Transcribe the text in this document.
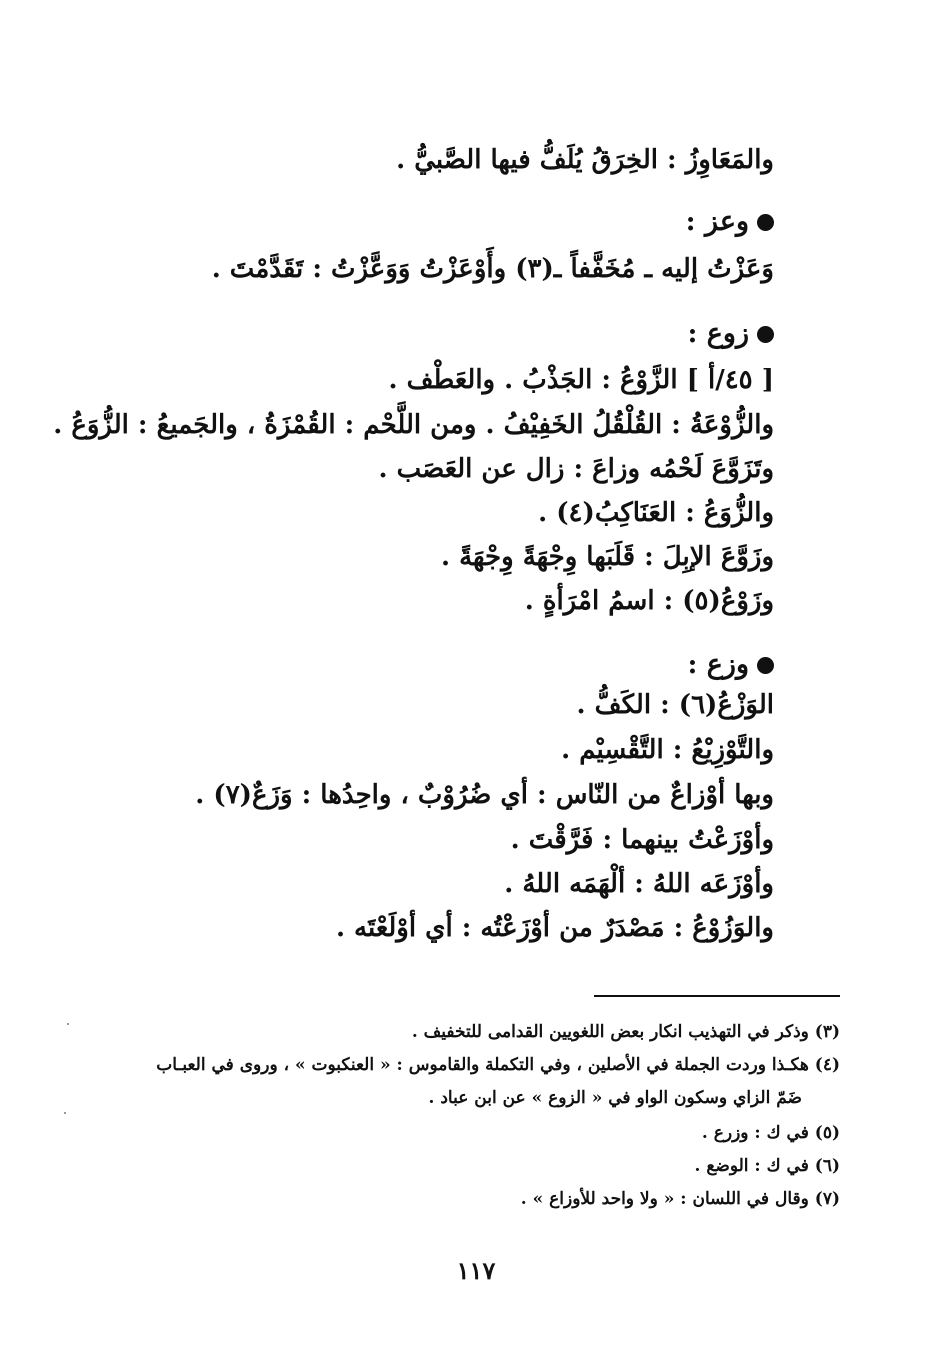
والمَعَاوِزُ : الخِرَقُ يُلَفُّ فيها الصَّبيُّ .
وعز :
وَعَزْتُ إليه ـ مُخَفَّفاً ـ(٣) وأَوْعَزْتُ وَوَعَّزْتُ : تَقَدَّمْتَ .
زوع :
[ ٤٥/أ ] الزَّوْعُ : الجَذْبُ . والعَطْف .
والزُّوْعَةُ : القُلْقُلُ الخَفِيْفُ . ومن اللَّحْم : القُمْزَةُ ، والجَميعُ : الزُّوَعُ .
وتَزَوَّعَ لَحْمُه وزاعَ : زال عن العَصَب .
والزُّوَعُ : العَنَاكِبُ(٤) .
وزَوَّعَ الإبِلَ : قَلَبَها وِجْهَةً وِجْهَةً .
وزَوْعُ(٥) : اسمُ امْرَأةٍ .
وزع :
الوَزْعُ(٦) : الكَفُّ .
والتَّوْزِيْعُ : التَّقْسِيْم .
وبها أوْزاعٌ من النّاس : أي ضُرُوْبٌ ، واحِدُها : وَزَعٌ(٧) .
وأوْزَعْتُ بينهما : فَرَّقْتَ .
وأوْزَعَه اللهُ : ألْهَمَه اللهُ .
والوَزُوْعُ : مَصْدَرٌ من أوْزَعْتُه : أي أوْلَعْتَه .
(٣) وذكر في التهذيب انكار بعض اللغويين القدامى للتخفيف .
(٤) هكـذا وردت الجملة في الأصلين ، وفي التكملة والقاموس : « العنكبوت » ، وروى في العبـاب
ضَمّ الزاي وسكون الواو في « الزوع » عن ابن عباد .
(٥) في ك : وزرع .
(٦) في ك : الوضع .
(٧) وقال في اللسان : « ولا واحد للأوزاع » .
١١٧
